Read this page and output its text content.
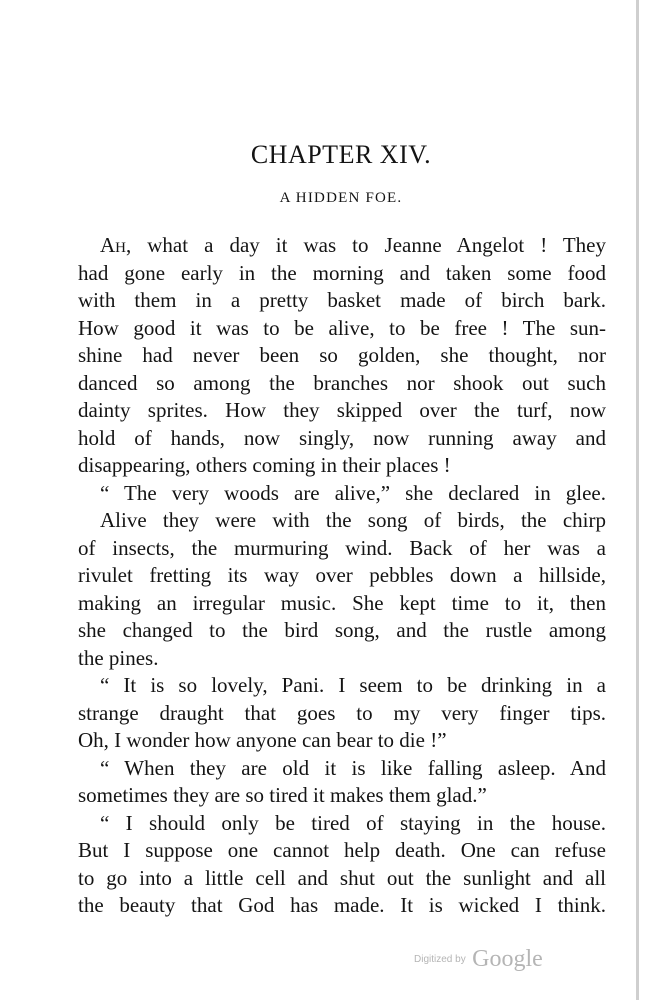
CHAPTER XIV.
A HIDDEN FOE.
Ah, what a day it was to Jeanne Angelot ! They
had gone early in the morning and taken some food
with them in a pretty basket made of birch bark.
How good it was to be alive, to be free ! The sun-
shine had never been so golden, she thought, nor
danced so among the branches nor shook out such
dainty sprites. How they skipped over the turf, now
hold of hands, now singly, now running away and
disappearing, others coming in their places !
“ The very woods are alive,” she declared in glee.
Alive they were with the song of birds, the chirp
of insects, the murmuring wind. Back of her was a
rivulet fretting its way over pebbles down a hillside,
making an irregular music. She kept time to it, then
she changed to the bird song, and the rustle among
the pines.
“ It is so lovely, Pani. I seem to be drinking in a
strange draught that goes to my very finger tips.
Oh, I wonder how anyone can bear to die !”
“ When they are old it is like falling asleep. And
sometimes they are so tired it makes them glad.”
“ I should only be tired of staying in the house.
But I suppose one cannot help death. One can refuse
to go into a little cell and shut out the sunlight and all
the beauty that God has made. It is wicked I think.
Digitized by Google
